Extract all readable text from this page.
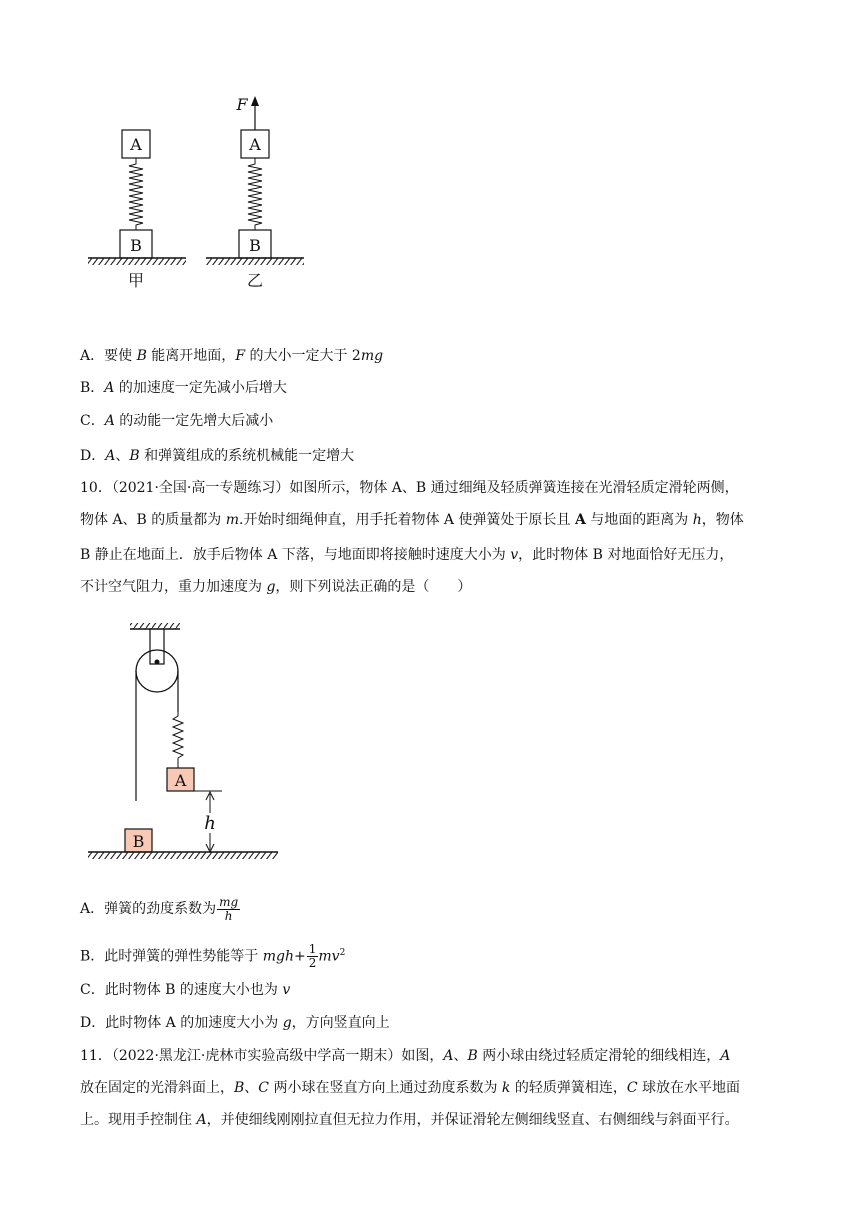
A
B
甲
F
A
B
乙
A．要使 B 能离开地面，F 的大小一定大于 2mg
B．A 的加速度一定先减小后增大
C．A 的动能一定先增大后减小
D．A、B 和弹簧组成的系统机械能一定增大
10．（2021·全国·高一专题练习）如图所示，物体 A、B 通过细绳及轻质弹簧连接在光滑轻质定滑轮两侧，
物体 A、B 的质量都为 m.开始时细绳伸直，用手托着物体 A 使弹簧处于原长且 A 与地面的距离为 h，物体
B 静止在地面上．放手后物体 A 下落，与地面即将接触时速度大小为 v，此时物体 B 对地面恰好无压力，
不计空气阻力，重力加速度为 g，则下列说法正确的是（　　）
A
h
B
A．弹簧的劲度系数为 $\frac{mg}{h}$
B．此时弹簧的弹性势能等于 $mgh+ \frac{1}{2} mv^2$
C．此时物体 B 的速度大小也为 v
D．此时物体 A 的加速度大小为 g，方向竖直向上
11．（2022·黑龙江·虎林市实验高级中学高一期末）如图，A、B 两小球由绕过轻质定滑轮的细线相连，A
放在固定的光滑斜面上，B、C 两小球在竖直方向上通过劲度系数为 k 的轻质弹簧相连，C 球放在水平地面
上。现用手控制住 A，并使细线刚刚拉直但无拉力作用，并保证滑轮左侧细线竖直、右侧细线与斜面平行。
